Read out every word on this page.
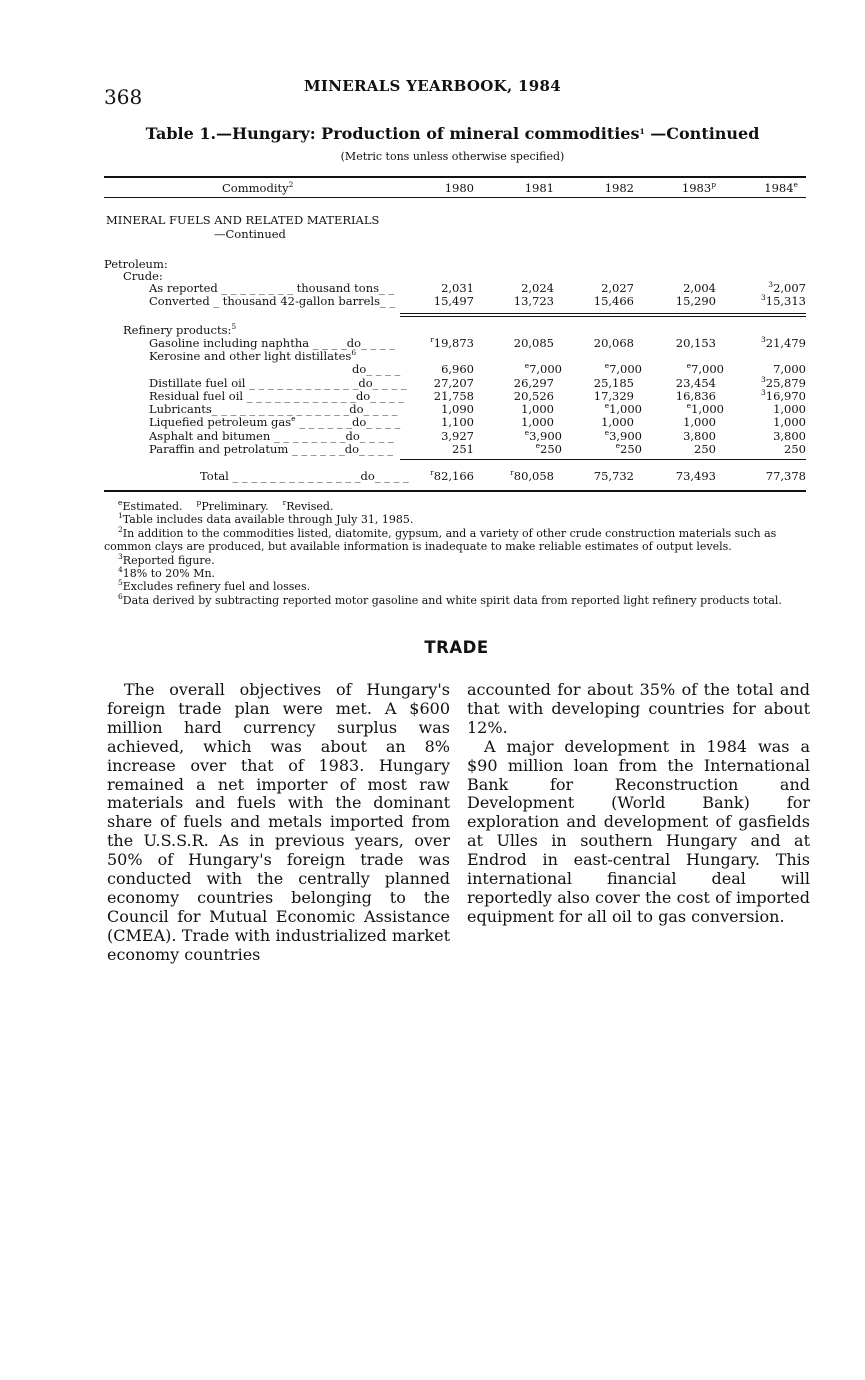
368	MINERALS YEARBOOK, 1984
Table 1.—Hungary: Production of mineral commodities$^1$ —Continued
(Metric tons unless otherwise specified)
Commodity$^2$	1980	1981	1982	1983$^p$	1984e
MINERAL FUELS AND RELATED MATERIALS
—Continued
Petroleum:
Crude:
As reported _ _ _ _ _ _ _ _ thousand tons_ _	2,031	2,024	2,027	2,004	$^3$2,007
Converted _ thousand 42-gallon barrels_ _	15,497	13,723	15,466	15,290	$^3$15,313
Refinery products:$^5$
Gasoline including naphtha _ _ _ _do_ _ _ _	$^r$19,873	20,085	20,068	20,153	$^3$21,479
Kerosine and other light distillates$^6$
do_ _ _ _	6,960	$^e$7,000	$^e$7,000	$^e$7,000	7,000
Distillate fuel oil _ _ _ _ _ _ _ _ _ _ _ _do_ _ _ _	27,207	26,297	25,185	23,454	$^3$25,879
Residual fuel oil _ _ _ _ _ _ _ _ _ _ _ _do_ _ _ _	21,758	20,526	17,329	16,836	$^3$16,970
Lubricants_ _ _ _ _ _ _ _ _ _ _ _ _ _ _do_ _ _ _	1,090	1,000	$^e$1,000	$^e$1,000	1,000
Liquefied petroleum gas$^e$ _ _ _ _ _ _do_ _ _ _	1,100	1,000	1,000	1,000	1,000
Asphalt and bitumen _ _ _ _ _ _ _ _do_ _ _ _	3,927	$^e$3,900	$^e$3,900	3,800	3,800
Paraffin and petrolatum _ _ _ _ _ _do_ _ _ _	251	$^e$250	$^e$250	250	250
Total _ _ _ _ _ _ _ _ _ _ _ _ _ _do_ _ _ _	$^r$82,166	$^r$80,058	75,732	73,493	77,378
$^e$Estimated. $^p$Preliminary. $^r$Revised.
$^1$Table includes data available through July 31, 1985.
$^2$In addition to the commodities listed, diatomite, gypsum, and a variety of other crude construction materials such as
common clays are produced, but available information is inadequate to make reliable estimates of output levels.
$^3$Reported figure.
$^4$18% to 20% Mn.
$^5$Excludes refinery fuel and losses.
$^6$Data derived by subtracting reported motor gasoline and white spirit data from reported light refinery products total.
TRADE

The overall objectives of Hungary's foreign trade plan were met. A $600 million hard currency surplus was achieved, which was about an 8% increase over that of 1983. Hungary remained a net importer of most raw materials and fuels with the dominant share of fuels and metals imported from the U.S.S.R. As in previous years, over 50% of Hungary's foreign trade was conducted with the centrally planned economy countries belonging to the Council for Mutual Economic Assistance (CMEA). Trade with industrialized market economy countries

accounted for about 35% of the total and that with developing countries for about 12%.

A major development in 1984 was a $90 million loan from the International Bank for Reconstruction and Development (World Bank) for exploration and development of gasfields at Ulles in southern Hungary and at Endrod in east-central Hungary. This international financial deal will reportedly also cover the cost of imported equipment for all oil to gas conversion.
